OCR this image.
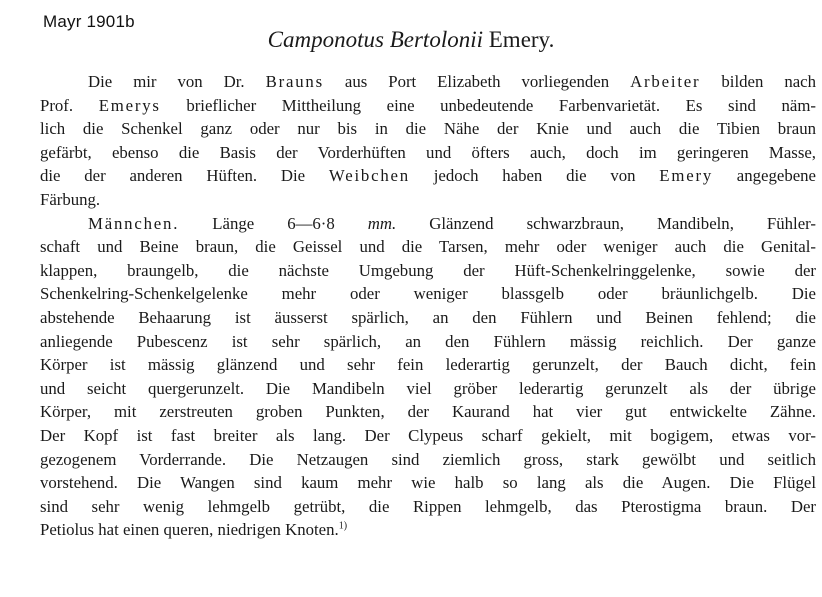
Mayr 1901b
Camponotus Bertolonii Emery.
Die mir von Dr. Brauns aus Port Elizabeth vorliegenden Arbeiter bilden nach
Prof. Emerys brieflicher Mittheilung eine unbedeutende Farbenvarietät. Es sind näm-
lich die Schenkel ganz oder nur bis in die Nähe der Knie und auch die Tibien braun
gefärbt, ebenso die Basis der Vorderhüften und öfters auch, doch im geringeren Masse,
die der anderen Hüften. Die Weibchen jedoch haben die von Emery angegebene
Färbung.
Männchen. Länge 6—6·8 mm. Glänzend schwarzbraun, Mandibeln, Fühler-
schaft und Beine braun, die Geissel und die Tarsen, mehr oder weniger auch die Genital-
klappen, braungelb, die nächste Umgebung der Hüft-Schenkelringgelenke, sowie der
Schenkelring-Schenkelgelenke mehr oder weniger blassgelb oder bräunlichgelb. Die
abstehende Behaarung ist äusserst spärlich, an den Fühlern und Beinen fehlend; die
anliegende Pubescenz ist sehr spärlich, an den Fühlern mässig reichlich. Der ganze
Körper ist mässig glänzend und sehr fein lederartig gerunzelt, der Bauch dicht, fein
und seicht quergerunzelt. Die Mandibeln viel gröber lederartig gerunzelt als der übrige
Körper, mit zerstreuten groben Punkten, der Kaurand hat vier gut entwickelte Zähne.
Der Kopf ist fast breiter als lang. Der Clypeus scharf gekielt, mit bogigem, etwas vor-
gezogenem Vorderrande. Die Netzaugen sind ziemlich gross, stark gewölbt und seitlich
vorstehend. Die Wangen sind kaum mehr wie halb so lang als die Augen. Die Flügel
sind sehr wenig lehmgelb getrübt, die Rippen lehmgelb, das Pterostigma braun. Der
Petiolus hat einen queren, niedrigen Knoten.$^{1)}$
